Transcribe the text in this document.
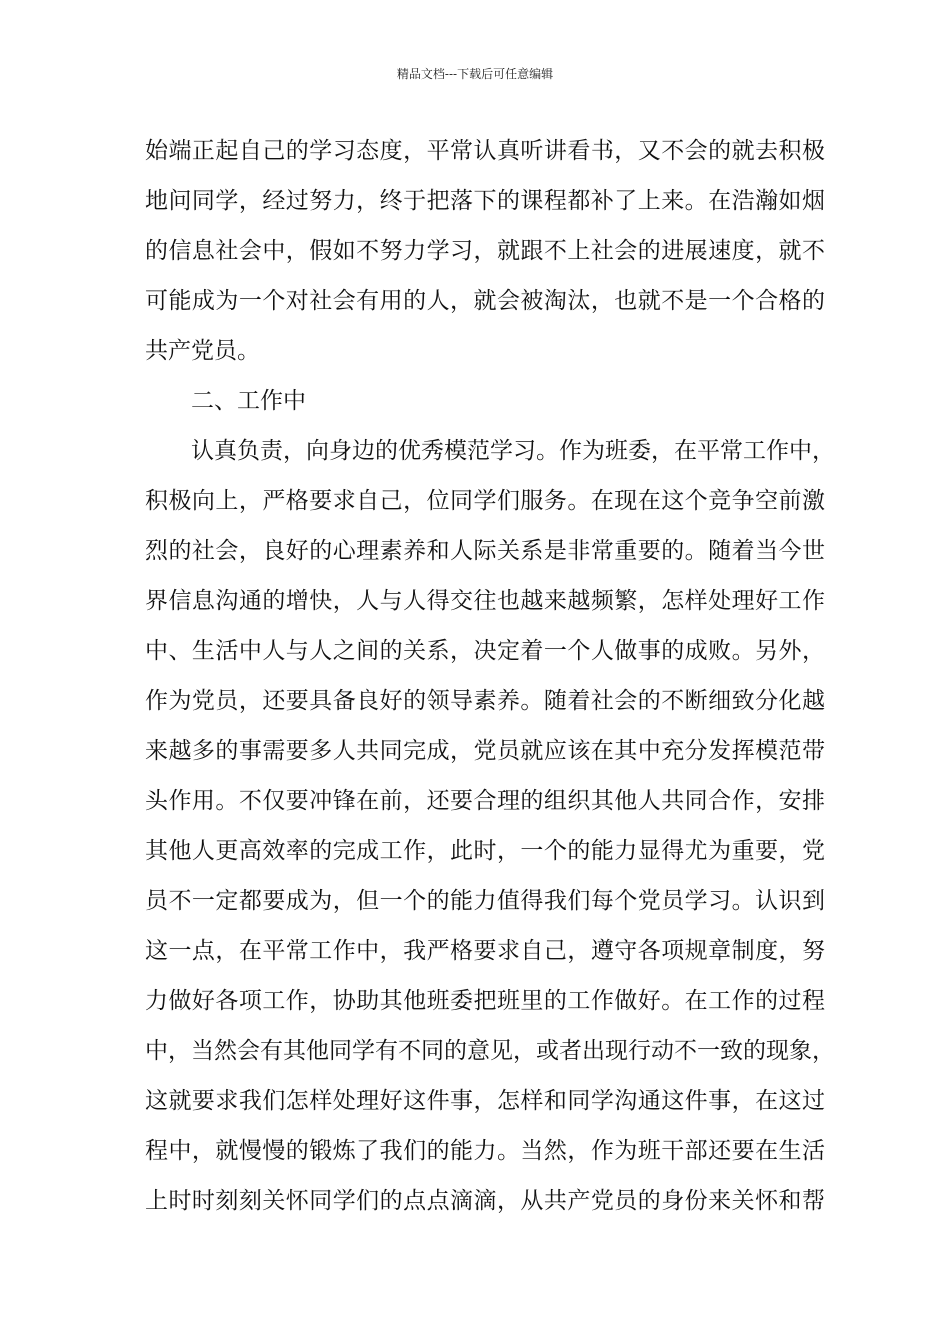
精品文档---下载后可任意编辑
始端正起自己的学习态度，平常认真听讲看书，又不会的就去积极
地问同学，经过努力，终于把落下的课程都补了上来。在浩瀚如烟
的信息社会中，假如不努力学习，就跟不上社会的进展速度，就不
可能成为一个对社会有用的人，就会被淘汰，也就不是一个合格的
共产党员。
二、工作中
认真负责，向身边的优秀模范学习。作为班委，在平常工作中，
积极向上，严格要求自己，位同学们服务。在现在这个竞争空前激
烈的社会，良好的心理素养和人际关系是非常重要的。随着当今世
界信息沟通的增快，人与人得交往也越来越频繁，怎样处理好工作
中、生活中人与人之间的关系，决定着一个人做事的成败。另外，
作为党员，还要具备良好的领导素养。随着社会的不断细致分化越
来越多的事需要多人共同完成，党员就应该在其中充分发挥模范带
头作用。不仅要冲锋在前，还要合理的组织其他人共同合作，安排
其他人更高效率的完成工作，此时，一个的能力显得尤为重要，党
员不一定都要成为，但一个的能力值得我们每个党员学习。认识到
这一点，在平常工作中，我严格要求自己，遵守各项规章制度，努
力做好各项工作，协助其他班委把班里的工作做好。在工作的过程
中，当然会有其他同学有不同的意见，或者出现行动不一致的现象，
这就要求我们怎样处理好这件事，怎样和同学沟通这件事，在这过
程中，就慢慢的锻炼了我们的能力。当然，作为班干部还要在生活
上时时刻刻关怀同学们的点点滴滴，从共产党员的身份来关怀和帮
